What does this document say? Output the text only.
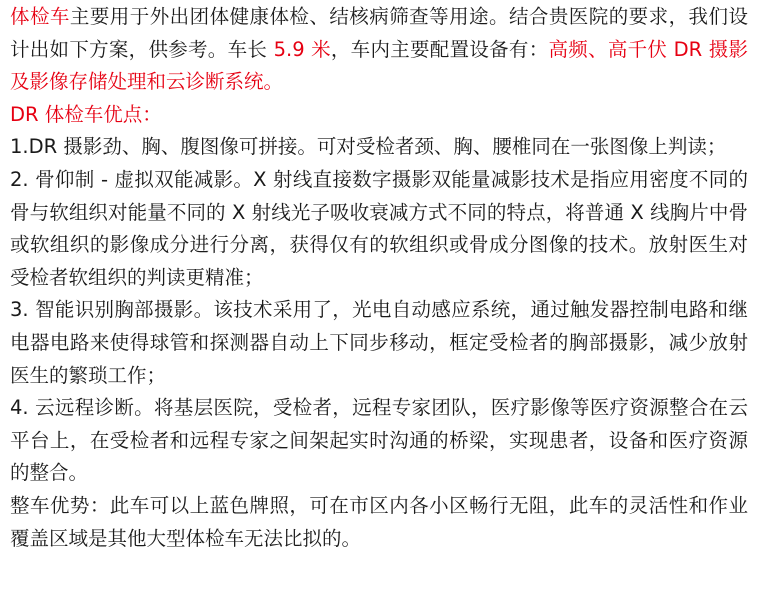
体检车主要用于外出团体健康体检、结核病筛查等用途。结合贵医院的要求，我们设计出如下方案，供参考。车长 5.9 米，车内主要配置设备有：高频、高千伏 DR 摄影及影像存储处理和云诊断系统。

DR 体检车优点：

1.DR 摄影劲、胸、腹图像可拼接。可对受检者颈、胸、腰椎同在一张图像上判读；

2. 骨仰制 - 虚拟双能减影。X 射线直接数字摄影双能量减影技术是指应用密度不同的骨与软组织对能量不同的 X 射线光子吸收衰减方式不同的特点，将普通 X 线胸片中骨或软组织的影像成分进行分离，获得仅有的软组织或骨成分图像的技术。放射医生对受检者软组织的判读更精准；

3. 智能识别胸部摄影。该技术采用了，光电自动感应系统，通过触发器控制电路和继电器电路来使得球管和探测器自动上下同步移动，框定受检者的胸部摄影，减少放射医生的繁琐工作；

4. 云远程诊断。将基层医院，受检者，远程专家团队，医疗影像等医疗资源整合在云平台上，在受检者和远程专家之间架起实时沟通的桥梁，实现患者，设备和医疗资源的整合。

整车优势：此车可以上蓝色牌照，可在市区内各小区畅行无阻，此车的灵活性和作业覆盖区域是其他大型体检车无法比拟的。
